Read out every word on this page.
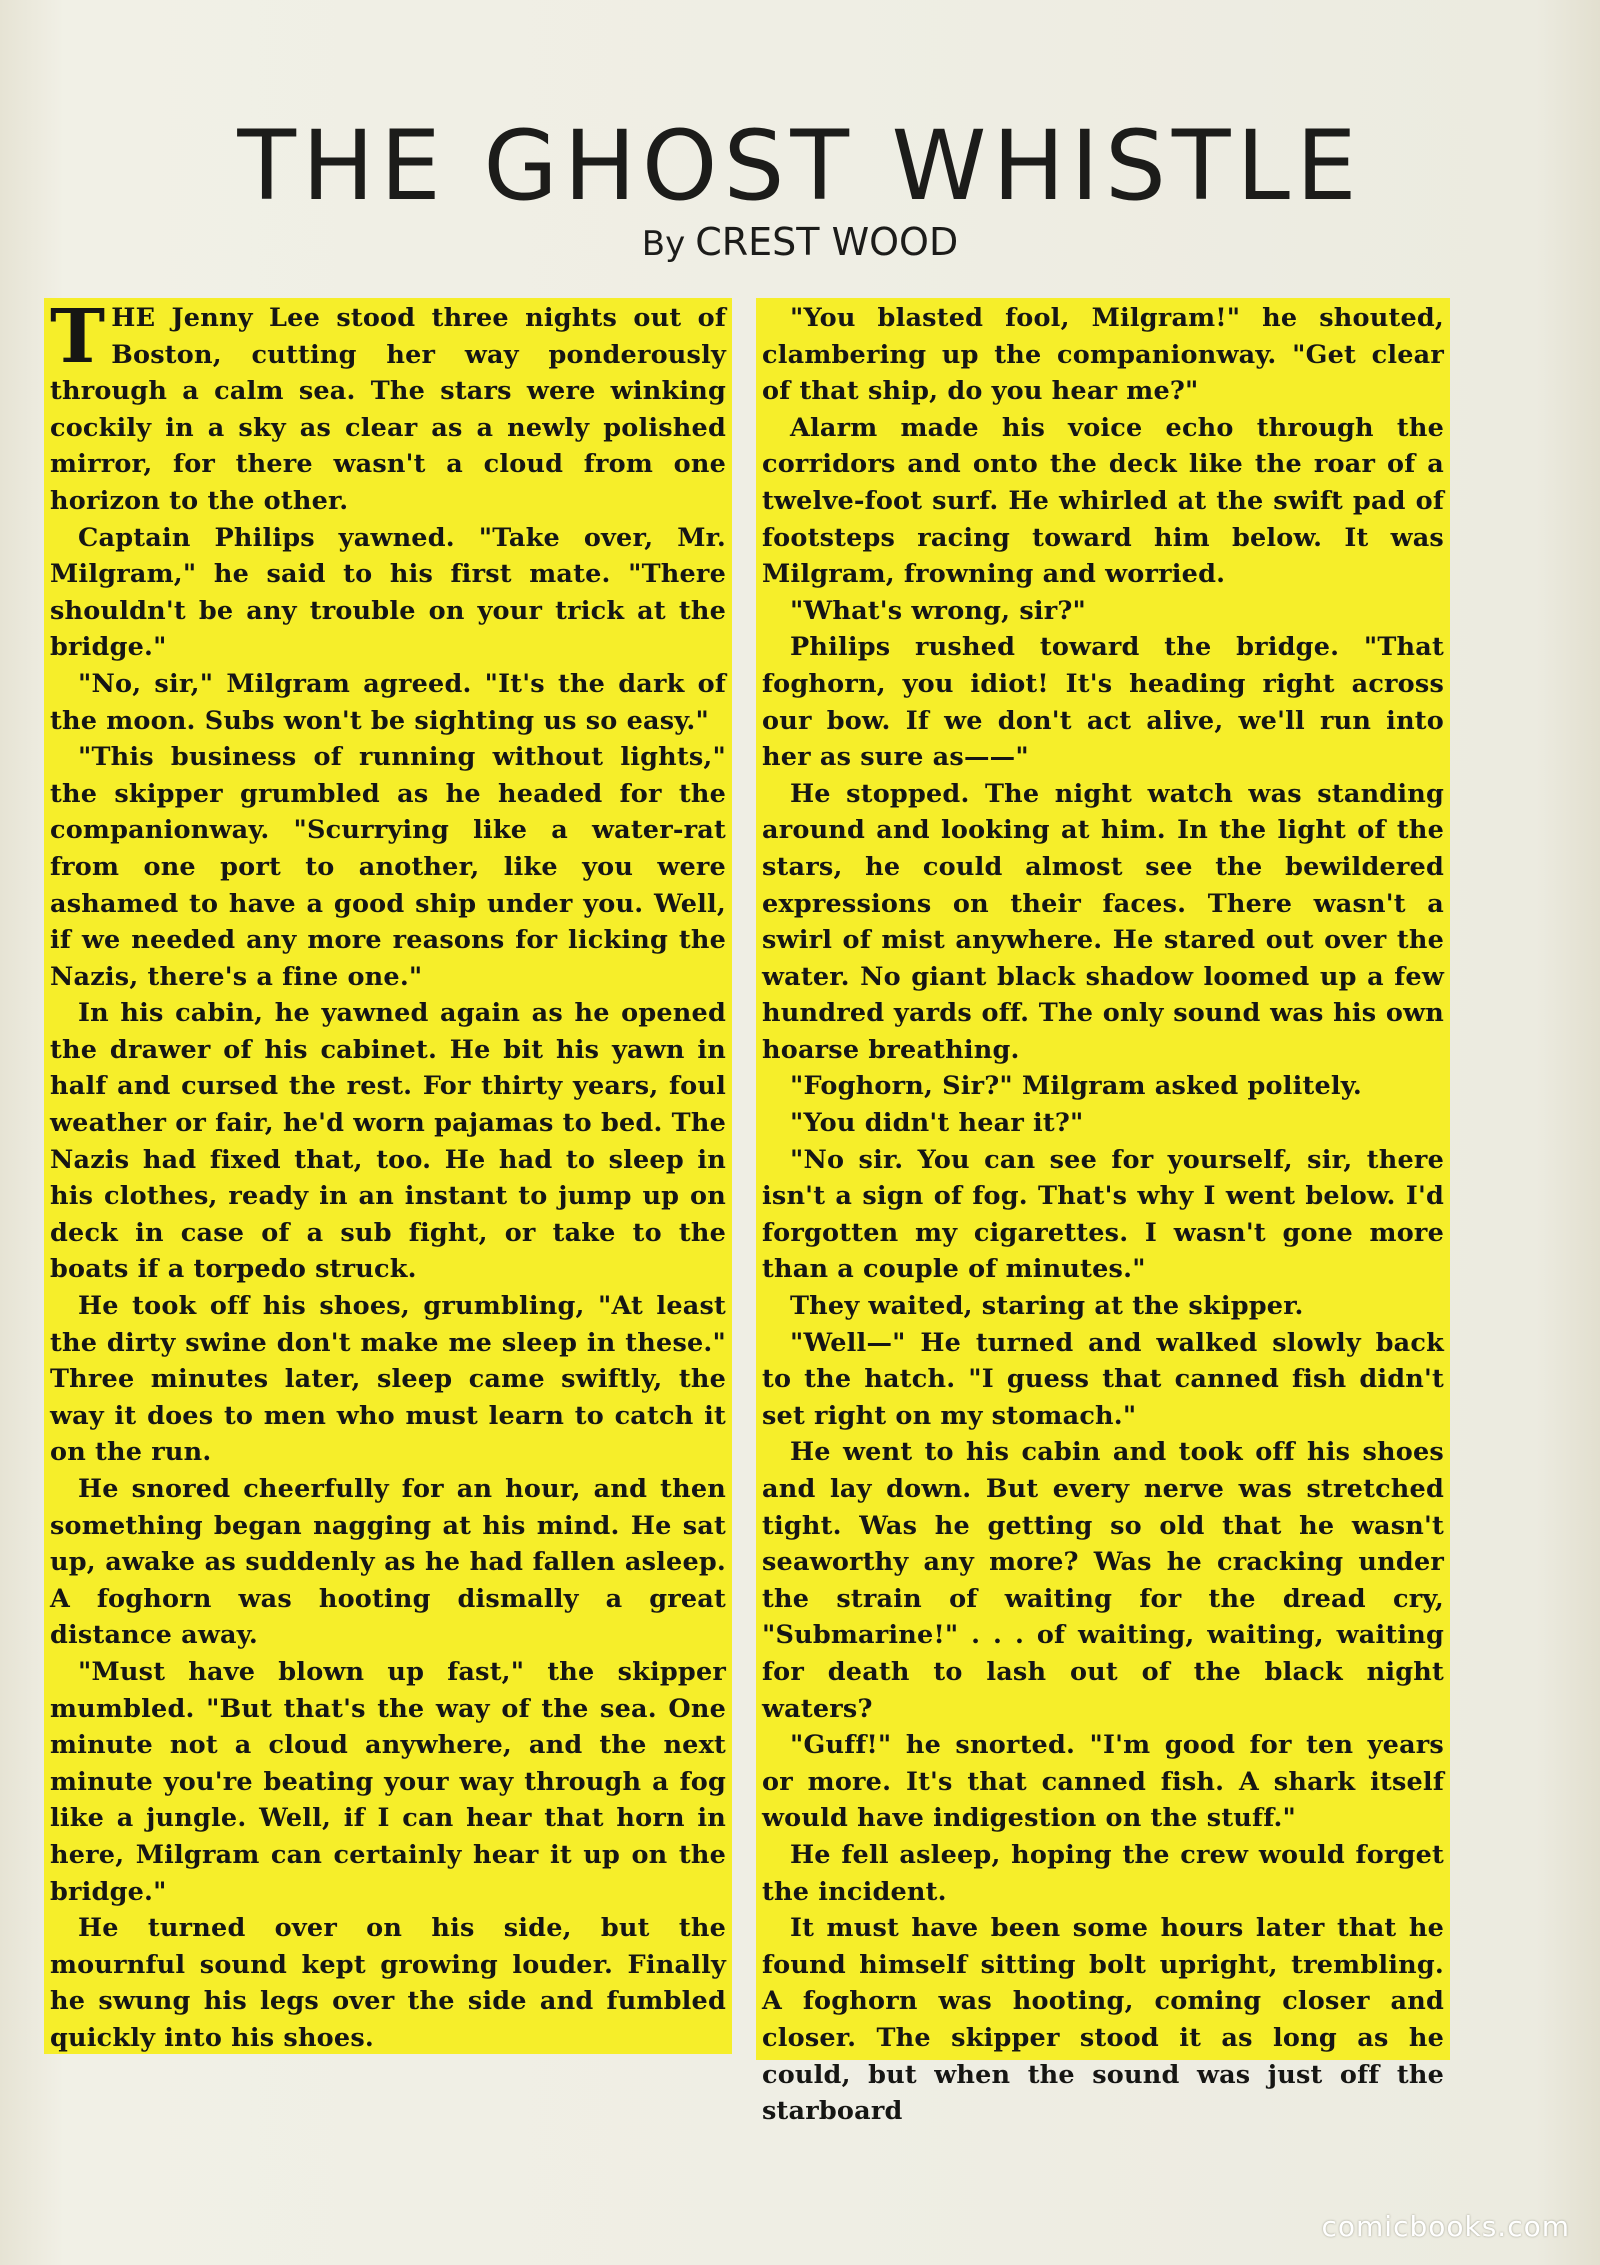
THE GHOST WHISTLE
By CREST WOOD

THE Jenny Lee stood three nights out of Boston, cutting her way ponderously through a calm sea. The stars were winking cockily in a sky as clear as a newly polished mirror, for there wasn't a cloud from one horizon to the other.

Captain Philips yawned. "Take over, Mr. Milgram," he said to his first mate. "There shouldn't be any trouble on your trick at the bridge."

"No, sir," Milgram agreed. "It's the dark of the moon. Subs won't be sighting us so easy."

"This business of running without lights," the skipper grumbled as he headed for the companionway. "Scurrying like a water-rat from one port to another, like you were ashamed to have a good ship under you. Well, if we needed any more reasons for licking the Nazis, there's a fine one."

In his cabin, he yawned again as he opened the drawer of his cabinet. He bit his yawn in half and cursed the rest. For thirty years, foul weather or fair, he'd worn pajamas to bed. The Nazis had fixed that, too. He had to sleep in his clothes, ready in an instant to jump up on deck in case of a sub fight, or take to the boats if a torpedo struck.

He took off his shoes, grumbling, "At least the dirty swine don't make me sleep in these." Three minutes later, sleep came swiftly, the way it does to men who must learn to catch it on the run.

He snored cheerfully for an hour, and then something began nagging at his mind. He sat up, awake as suddenly as he had fallen asleep. A foghorn was hooting dismally a great distance away.

"Must have blown up fast," the skipper mumbled. "But that's the way of the sea. One minute not a cloud anywhere, and the next minute you're beating your way through a fog like a jungle. Well, if I can hear that horn in here, Milgram can certainly hear it up on the bridge."

He turned over on his side, but the mournful sound kept growing louder. Finally he swung his legs over the side and fumbled quickly into his shoes.

"You blasted fool, Milgram!" he shouted, clambering up the companionway. "Get clear of that ship, do you hear me?"

Alarm made his voice echo through the corridors and onto the deck like the roar of a twelve-foot surf. He whirled at the swift pad of footsteps racing toward him below. It was Milgram, frowning and worried.

"What's wrong, sir?"

Philips rushed toward the bridge. "That foghorn, you idiot! It's heading right across our bow. If we don't act alive, we'll run into her as sure as——"

He stopped. The night watch was standing around and looking at him. In the light of the stars, he could almost see the bewildered expressions on their faces. There wasn't a swirl of mist anywhere. He stared out over the water. No giant black shadow loomed up a few hundred yards off. The only sound was his own hoarse breathing.

"Foghorn, Sir?" Milgram asked politely.

"You didn't hear it?"

"No sir. You can see for yourself, sir, there isn't a sign of fog. That's why I went below. I'd forgotten my cigarettes. I wasn't gone more than a couple of minutes."

They waited, staring at the skipper.

"Well—" He turned and walked slowly back to the hatch. "I guess that canned fish didn't set right on my stomach."

He went to his cabin and took off his shoes and lay down. But every nerve was stretched tight. Was he getting so old that he wasn't seaworthy any more? Was he cracking under the strain of waiting for the dread cry, "Submarine!" . . . of waiting, waiting, waiting for death to lash out of the black night waters?

"Guff!" he snorted. "I'm good for ten years or more. It's that canned fish. A shark itself would have indigestion on the stuff."

He fell asleep, hoping the crew would forget the incident.

It must have been some hours later that he found himself sitting bolt upright, trembling. A foghorn was hooting, coming closer and closer. The skipper stood it as long as he could, but when the sound was just off the starboard

comicbooks.com
